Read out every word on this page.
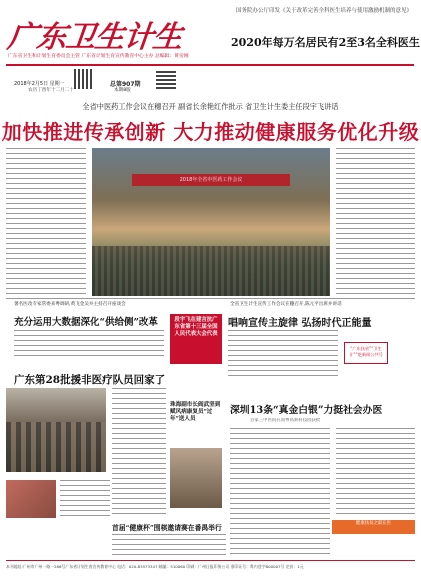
广东卫生计生
广东省卫生和计划生育委员会主管 广东省计划生育宣传教育中心主办 总编辑：黄帝刚
国务院办公厅印发《关于改革完善全科医生培养与使用激励机制的意见》
2020年每万名居民有2至3名全科医生
2018年2月5日 星期一
农历丁酉年十二月二十
总第907期
本期8版
全省中医药工作会议在穗召开 副省长余艳红作批示 省卫生计生委主任段宇飞讲话
加快推进传承创新 大力推动健康服务优化升级
2018年全省中医药工作会议
暑名医改专家常委来粤调研,黄飞金吴并主持召开座谈会	全省卫生计生宣传工作会议在穗召开,陈元平出席并讲话
充分运用大数据深化“供给侧”改革	唱响宣传主旋律 弘扬时代正能量
段宇飞在建言抗广东省第十三届全国人民代表大会代表
“广东扶省”“卫生计”“吃新闻公共号
广东第28批援非医疗队员回家了
珠海副市长阎武坚到赋风病康复员“过年”送人员
深圳13条“真金白银”力挺社会办医
首家三甲医院在南粤高新科技园获批
健康扶贫之最在医
首届“健康杯”围棋邀请赛在番禺举行
本刊地址:广州市广州一路一286号广东省计划生育宣传教育中心 电话：020-83573347 邮编：510060 印刷：广州日报印务公司 准印证号：粤内登字B00007号 定价：1元
